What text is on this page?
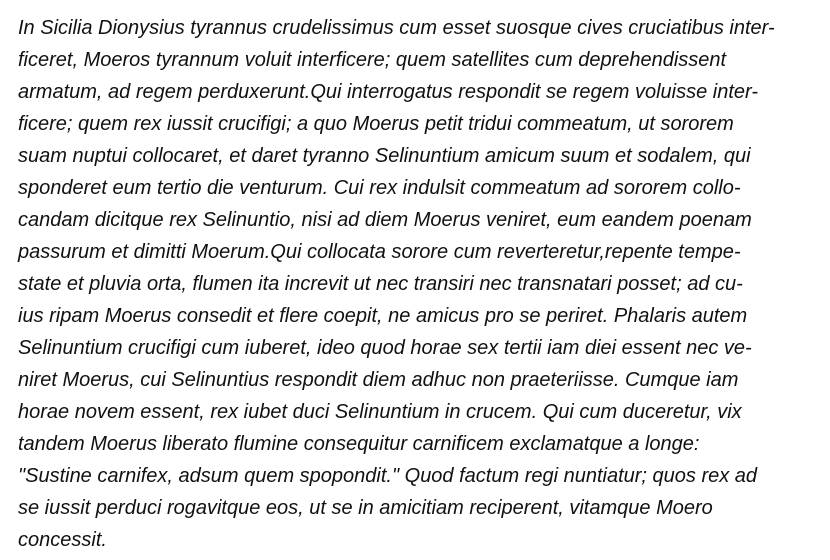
In Sicilia Dionysius tyrannus crudelissimus cum esset suosque cives cruciatibus inter-
ficeret, Moeros tyrannum voluit interficere; quem satellites cum deprehendissent
armatum, ad regem perduxerunt.Qui interrogatus respondit se regem voluisse inter-
ficere; quem rex iussit crucifigi; a quo Moerus petit tridui commeatum, ut sororem
suam nuptui collocaret, et daret tyranno Selinuntium amicum suum et sodalem, qui
sponderet eum tertio die venturum. Cui rex indulsit commeatum ad sororem collo-
candam dicitque rex Selinuntio, nisi ad diem Moerus veniret, eum eandem poenam
passurum et dimitti Moerum.Qui collocata sorore cum reverteretur,repente tempe-
state et pluvia orta, flumen ita increvit ut nec transiri nec transnatari posset; ad cu-
ius ripam Moerus consedit et flere coepit, ne amicus pro se periret. Phalaris autem
Selinuntium crucifigi cum iuberet, ideo quod horae sex tertii iam diei essent nec ve-
niret Moerus, cui Selinuntius respondit diem adhuc non praeteriisse. Cumque iam
horae novem essent, rex iubet duci Selinuntium in crucem. Qui cum duceretur, vix
tandem Moerus liberato flumine consequitur carnificem exclamatque a longe:
"Sustine carnifex, adsum quem spopondit." Quod factum regi nuntiatur; quos rex ad
se iussit perduci rogavitque eos, ut se in amicitiam reciperent, vitamque Moero
concessit.
